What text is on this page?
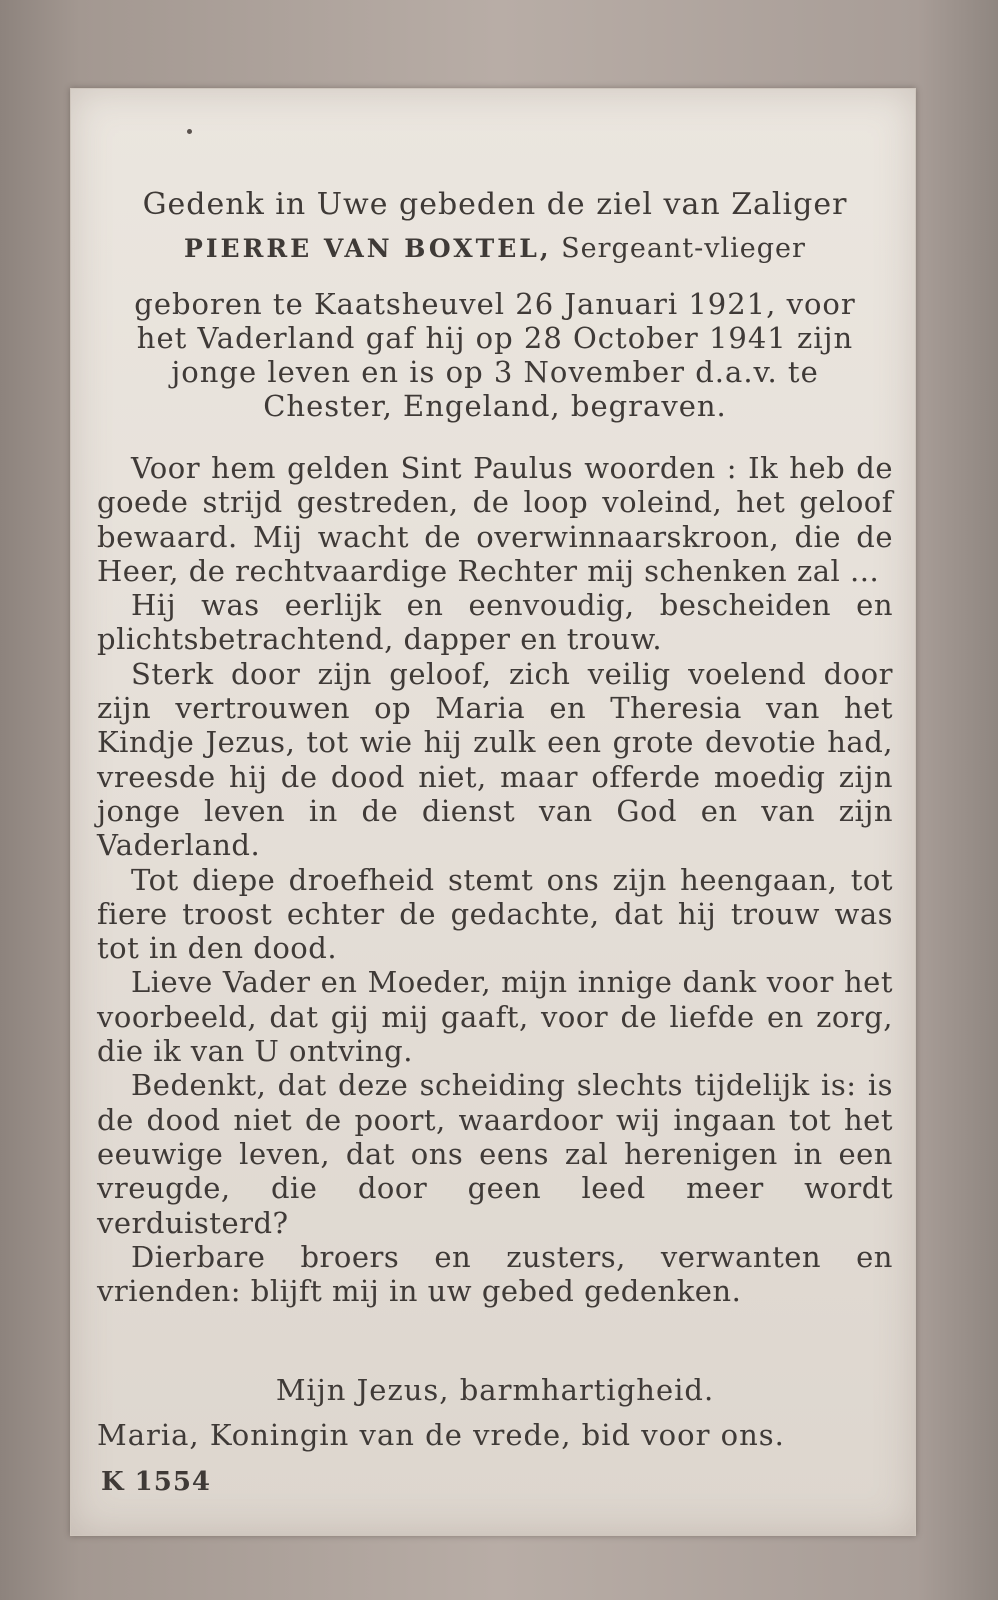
Gedenk in Uwe gebeden de ziel van Zaliger
PIERRE VAN BOXTEL, Sergeant-vlieger
geboren te Kaatsheuvel 26 Januari 1921, voor
het Vaderland gaf hij op 28 October 1941 zijn
jonge leven en is op 3 November d.a.v. te
Chester, Engeland, begraven.

Voor hem gelden Sint Paulus woorden : Ik heb de goede strijd gestreden, de loop voleind, het geloof bewaard. Mij wacht de overwinnaarskroon, die de Heer, de rechtvaardige Rechter mij schenken zal ...

Hij was eerlijk en eenvoudig, bescheiden en plichtsbetrachtend, dapper en trouw.

Sterk door zijn geloof, zich veilig voelend door zijn vertrouwen op Maria en Theresia van het Kindje Jezus, tot wie hij zulk een grote devotie had, vreesde hij de dood niet, maar offerde moedig zijn jonge leven in de dienst van God en van zijn Vaderland.

Tot diepe droefheid stemt ons zijn heengaan, tot fiere troost echter de gedachte, dat hij trouw was tot in den dood.

Lieve Vader en Moeder, mijn innige dank voor het voorbeeld, dat gij mij gaaft, voor de liefde en zorg, die ik van U ontving.

Bedenkt, dat deze scheiding slechts tijdelijk is: is de dood niet de poort, waardoor wij ingaan tot het eeuwige leven, dat ons eens zal herenigen in een vreugde, die door geen leed meer wordt verduisterd?

Dierbare broers en zusters, verwanten en vrienden: blijft mij in uw gebed gedenken.

Mijn Jezus, barmhartigheid.
Maria, Koningin van de vrede, bid voor ons.
K 1554
